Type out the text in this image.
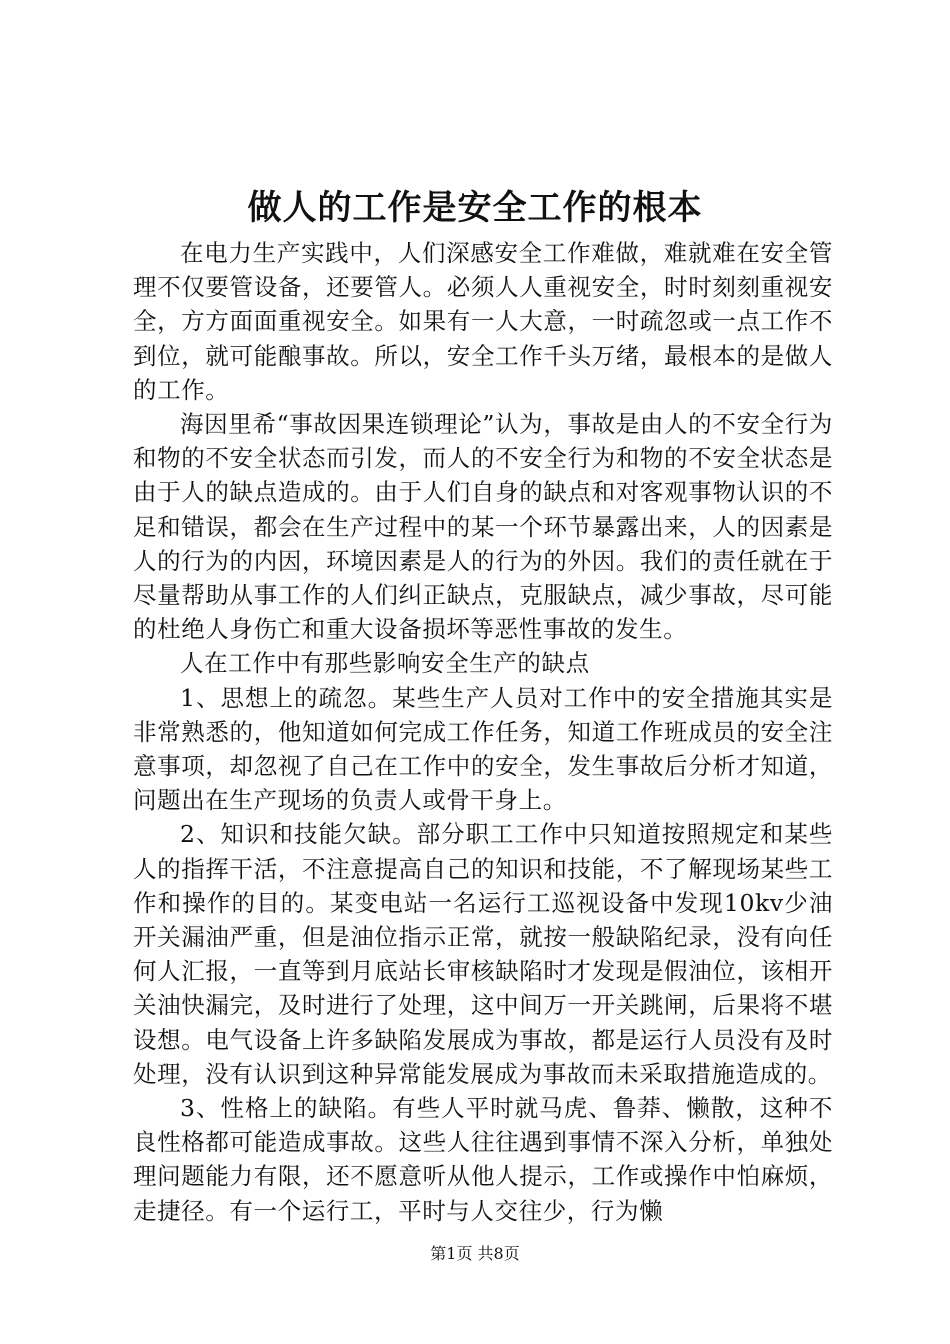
做人的工作是安全工作的根本

在电力生产实践中，人们深感安全工作难做，难就难在安全管理不仅要管设备，还要管人。必须人人重视安全，时时刻刻重视安全，方方面面重视安全。如果有一人大意，一时疏忽或一点工作不到位，就可能酿事故。所以，安全工作千头万绪，最根本的是做人的工作。

海因里希“事故因果连锁理论”认为，事故是由人的不安全行为和物的不安全状态而引发，而人的不安全行为和物的不安全状态是由于人的缺点造成的。由于人们自身的缺点和对客观事物认识的不足和错误，都会在生产过程中的某一个环节暴露出来，人的因素是人的行为的内因，环境因素是人的行为的外因。我们的责任就在于尽量帮助从事工作的人们纠正缺点，克服缺点，减少事故，尽可能的杜绝人身伤亡和重大设备损坏等恶性事故的发生。

人在工作中有那些影响安全生产的缺点

1、思想上的疏忽。某些生产人员对工作中的安全措施其实是非常熟悉的，他知道如何完成工作任务，知道工作班成员的安全注意事项，却忽视了自己在工作中的安全，发生事故后分析才知道，问题出在生产现场的负责人或骨干身上。

2、知识和技能欠缺。部分职工工作中只知道按照规定和某些人的指挥干活，不注意提高自己的知识和技能，不了解现场某些工作和操作的目的。某变电站一名运行工巡视设备中发现10kv少油开关漏油严重，但是油位指示正常，就按一般缺陷纪录，没有向任何人汇报，一直等到月底站长审核缺陷时才发现是假油位，该相开关油快漏完，及时进行了处理，这中间万一开关跳闸，后果将不堪设想。电气设备上许多缺陷发展成为事故，都是运行人员没有及时处理，没有认识到这种异常能发展成为事故而未采取措施造成的。

3、性格上的缺陷。有些人平时就马虎、鲁莽、懒散，这种不良性格都可能造成事故。这些人往往遇到事情不深入分析，单独处理问题能力有限，还不愿意听从他人提示，工作或操作中怕麻烦，走捷径。有一个运行工，平时与人交往少，行为懒

第1页 共8页
